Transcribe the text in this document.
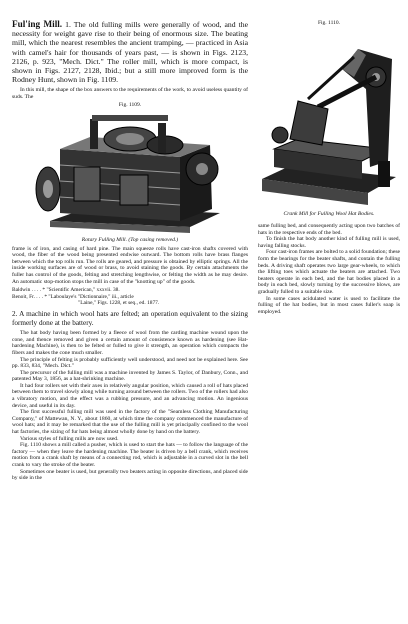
Ful'ing Mill. 1. The old fulling mills were generally of wood, and the necessity for weight gave rise to their being of enormous size. The beating mill, which the nearest resembles the ancient tramping, — practiced in Asia with camel's hair for thousands of years past, — is shown in Figs. 2123, 2126, p. 923, "Mech. Dict." The roller mill, which is more compact, is shown in Figs. 2127, 2128, Ibid.; but a still more improved form is the Rodney Hunt, shown in Fig. 1109.

In this mill, the shape of the box answers to the requirements of the work, to avoid useless quantity of suds. The

Fig. 1109.
Rotary Fulling Mill. (Top casing removed.)

frame is of iron, and casing of hard pine. The main squeeze rolls have cast-iron shafts covered with wood, the fiber of the wood being presented endwise outward. The bottom rolls have brass flanges between which the top rolls run. The rolls are geared, and pressure is obtained by elliptic springs. All the inside working surfaces are of wood or brass, to avoid staining the goods. By certain attachments the fuller has control of the goods, felting and stretching lengthwise, or felting the width as he may desire. An automatic stop-motion stops the mill in case of the "knotting up" of the goods.

Baldwin . . . . * "Scientific American," xxxvii. 38.
Benoit, Fr. . . . * "Laboulaye's "Dictionnaire," iii., article
"Laine," Figs. 1228, et seq., ed. 1877.

2. A machine in which wool hats are felted; an operation equivalent to the sizing formerly done at the battery.

The hat body having been formed by a fleece of wool from the carding machine wound upon the cone, and thence removed and given a certain amount of consistence known as hardening (see Hat-hardening Machine), is then to be felted or fulled to give it strength, an operation which compacts the fibers and makes the cone much smaller.

The principle of felting is probably sufficiently well understood, and need not be explained here. See pp. 833, 834, "Mech. Dict."

The precursor of the fulling mill was a machine invented by James S. Taylor, of Danbury, Conn., and patented May 3, 1856, as a hat-shrinking machine.

It had four rollers set with their axes in relatively angular position, which caused a roll of hats placed between them to travel slowly along while turning around between the rollers. Two of the rollers had also a vibratory motion, and the effect was a rubbing pressure, and an advancing motion. An ingenious device, and useful in its day.

The first successful fulling mill was used in the factory of the "Seamless Clothing Manufacturing Company," of Mattewan, N. Y., about 1860, at which time the company commenced the manufacture of wool hats; and it may be remarked that the use of the fulling mill is yet principally confined to the wool hat factories, the sizing of fur hats being almost wholly done by hand on the battery.

Various styles of fulling mills are now used.

Fig. 1110 shows a mill called a pusher, which is used to start the hats — to follow the language of the factory — when they leave the hardening machine. The beater is driven by a bell crank, which receives motion from a crank shaft by means of a connecting rod, which is adjustable in a curved slot in the bell crank to vary the stroke of the beater.

Sometimes one beater is used, but generally two beaters acting in opposite directions, and placed side by side in the

Fig. 1110.
Crank Mill for Fulling Wool Hat Bodies.

same fulling bed, and consequently acting upon two batches of hats in the respective ends of the bed.

To finish the hat body another kind of fulling mill is used, having falling stocks.

Four cast-iron frames are bolted to a solid foundation; these form the bearings for the beater shafts, and contain the fulling beds. A driving shaft operates two large gear-wheels, to which the lifting toes which actuate the beaters are attached. Two beaters operate in each bed, and the hat bodies placed in a body in each bed, slowly turning by the successive blows, are gradually fulled to a suitable size.

In some cases acidulated water is used to facilitate the fulling of the hat bodies, but in most cases fuller's soap is employed.
